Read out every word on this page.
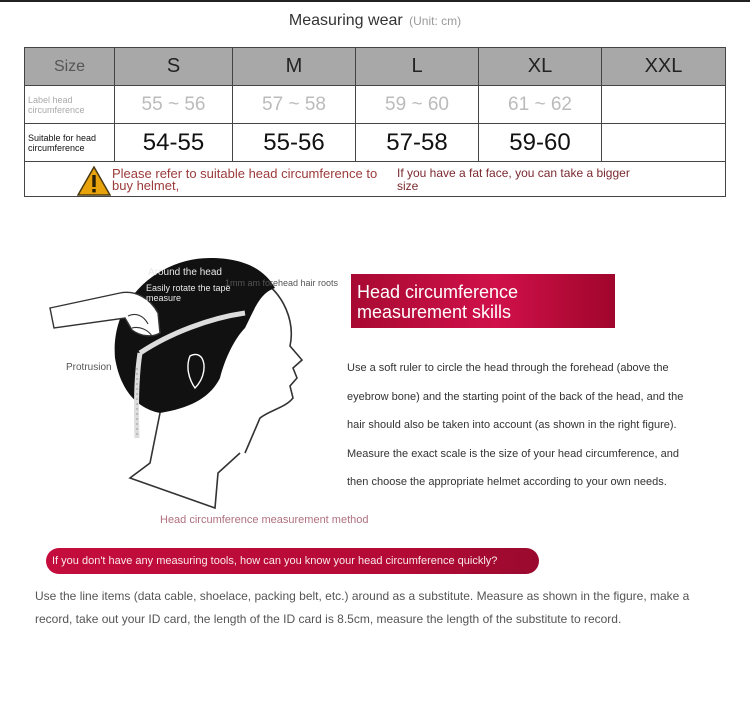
Measuring wear (Unit: cm)
Size	S	M	L	XL	XXL
Label head circumference	55 ~ 56	57 ~ 58	59 ~ 60	61 ~ 62	
Suitable for head circumference	54-55	55-56	57-58	59-60	

Please refer to suitable head circumference to buy helmet,
If you have a fat face, you can take a bigger size					
Around the head
Easily rotate the tape measure
1mm am forehead hair roots
Protrusion
Head circumference measurement method
Head circumference measurement skills

Use a soft ruler to circle the head through the forehead (above the

eyebrow bone) and the starting point of the back of the head, and the

hair should also be taken into account (as shown in the right figure).

Measure the exact scale is the size of your head circumference, and

then choose the appropriate helmet according to your own needs.

If you don't have any measuring tools, how can you know your head circumference quickly?

Use the line items (data cable, shoelace, packing belt, etc.) around as a substitute. Measure as shown in the figure, make a

record, take out your ID card, the length of the ID card is 8.5cm, measure the length of the substitute to record.
